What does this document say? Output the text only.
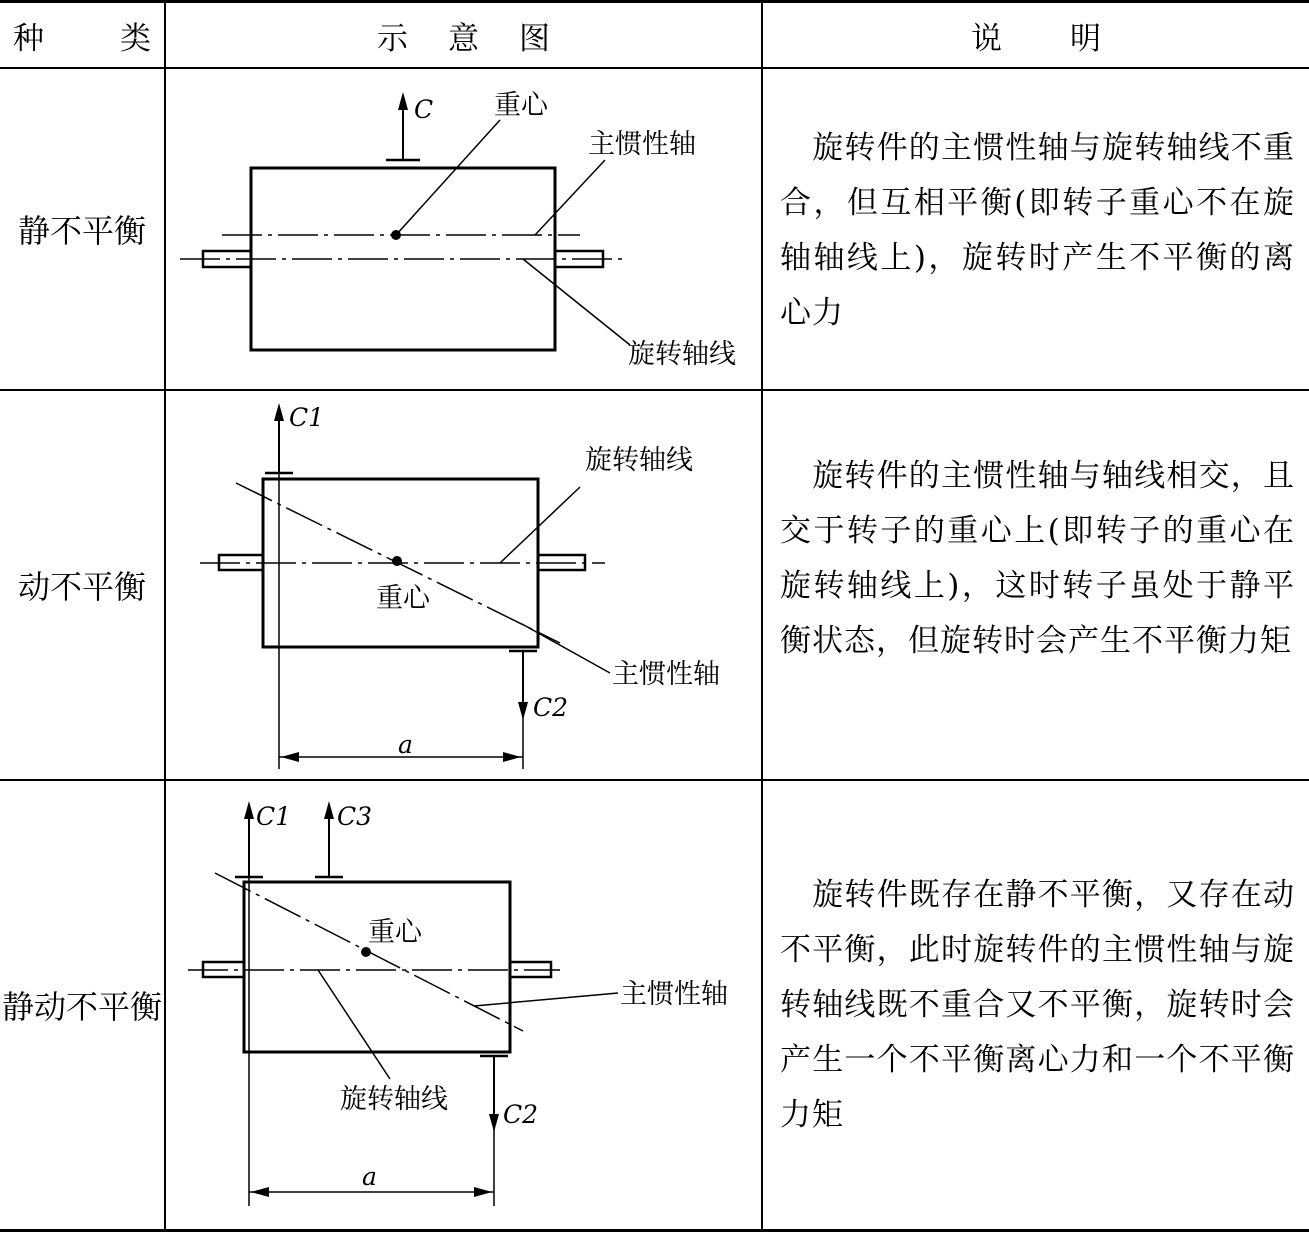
种 类	示 意 图	说 明
静不平衡
动不平衡
静动不平衡
旋转件的主惯性轴与旋转轴线不重合，但互相平衡(即转子重心不在旋轴轴线上)，旋转时产生不平衡的离心力
旋转件的主惯性轴与轴线相交，且交于转子的重心上(即转子的重心在旋转轴线上)，这时转子虽处于静平衡状态，但旋转时会产生不平衡力矩
旋转件既存在静不平衡，又存在动不平衡，此时旋转件的主惯性轴与旋转轴线既不重合又不平衡，旋转时会产生一个不平衡离心力和一个不平衡力矩
C 重心
主惯性轴
旋转轴线
C1
C2
a
重心
旋转轴线
主惯性轴
C1 C3
C2
a
重心
主惯性轴
旋转轴线
